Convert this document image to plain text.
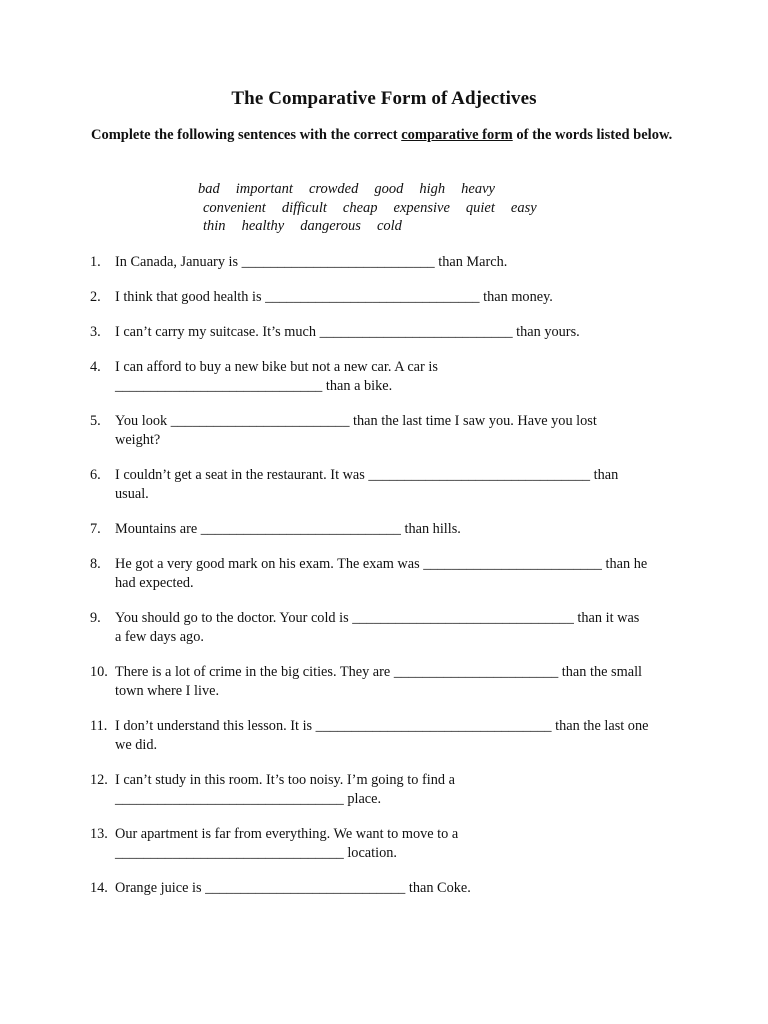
The Comparative Form of Adjectives
Complete the following sentences with the correct comparative form of the words listed below.
bad important crowded good high heavy
convenient difficult cheap expensive quiet easy
thin healthy dangerous cold
1. In Canada, January is ___________________________ than March.
2. I think that good health is ______________________________ than money.
3. I can’t carry my suitcase. It’s much ___________________________ than yours.
4. I can afford to buy a new bike but not a new car. A car is
_____________________________ than a bike.
5. You look _________________________ than the last time I saw you. Have you lost
weight?
6. I couldn’t get a seat in the restaurant. It was _______________________________ than
usual.
7. Mountains are ____________________________ than hills.
8. He got a very good mark on his exam. The exam was _________________________ than he
had expected.
9. You should go to the doctor. Your cold is _______________________________ than it was
a few days ago.
10. There is a lot of crime in the big cities. They are _______________________ than the small
town where I live.
11. I don’t understand this lesson. It is _________________________________ than the last one
we did.
12. I can’t study in this room. It’s too noisy. I’m going to find a
________________________________ place.
13. Our apartment is far from everything. We want to move to a
________________________________ location.
14. Orange juice is ____________________________ than Coke.
